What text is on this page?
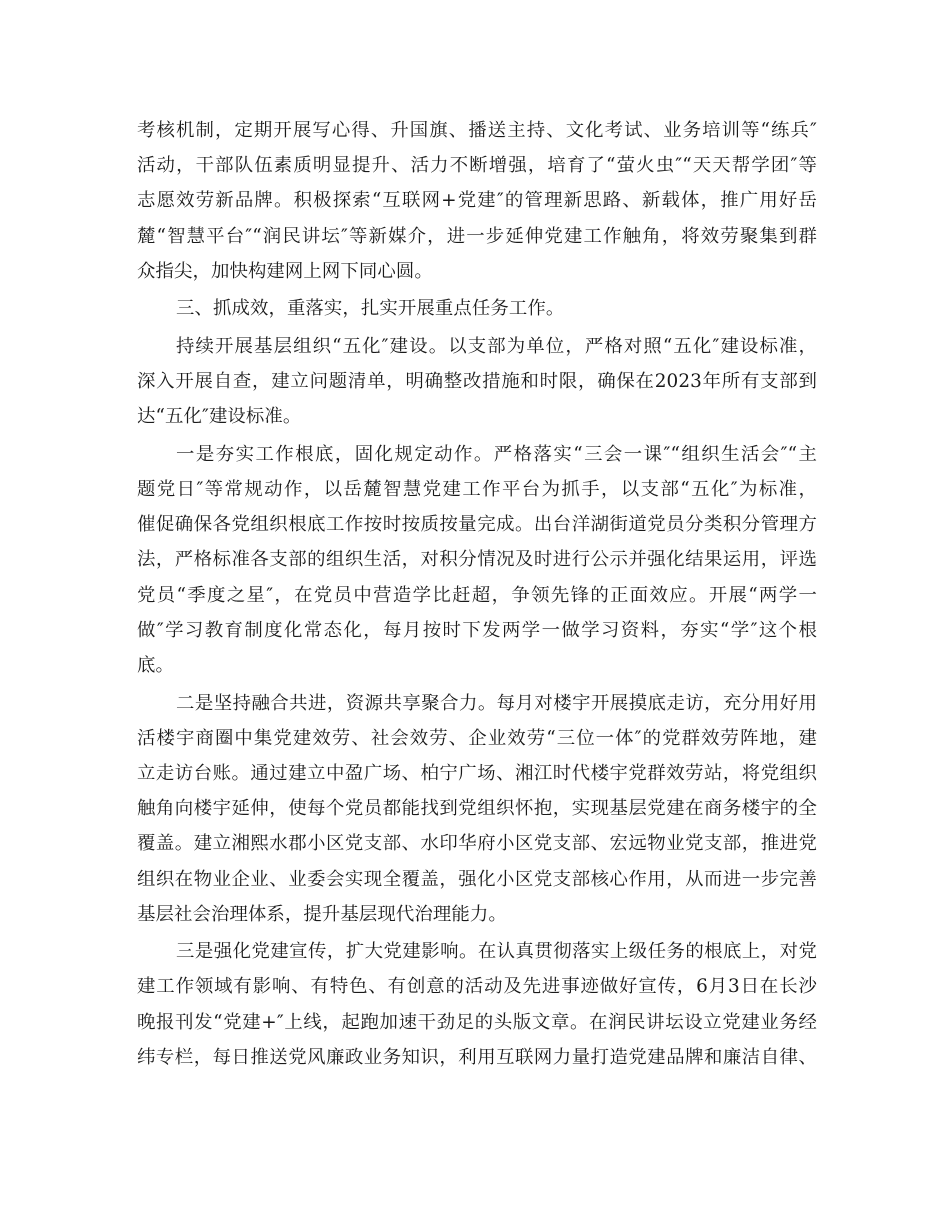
考核机制，定期开展写心得、升国旗、播送主持、文化考试、业务培训等“练兵″
活动，干部队伍素质明显提升、活力不断增强，培育了“萤火虫″“天天帮学团″等
志愿效劳新品牌。积极探索“互联网+党建″的管理新思路、新载体，推广用好岳
麓“智慧平台″“润民讲坛″等新媒介，进一步延伸党建工作触角，将效劳聚集到群
众指尖，加快构建网上网下同心圆。
三、抓成效，重落实，扎实开展重点任务工作。
持续开展基层组织“五化″建设。以支部为单位，严格对照“五化″建设标准，
深入开展自查，建立问题清单，明确整改措施和时限，确保在2023年所有支部到
达“五化″建设标准。
一是夯实工作根底，固化规定动作。严格落实“三会一课″“组织生活会″“主
题党日″等常规动作，以岳麓智慧党建工作平台为抓手，以支部“五化″为标准，
催促确保各党组织根底工作按时按质按量完成。出台洋湖街道党员分类积分管理方
法，严格标准各支部的组织生活，对积分情况及时进行公示并强化结果运用，评选
党员“季度之星″，在党员中营造学比赶超，争领先锋的正面效应。开展“两学一
做″学习教育制度化常态化，每月按时下发两学一做学习资料，夯实“学″这个根
底。
二是坚持融合共进，资源共享聚合力。每月对楼宇开展摸底走访，充分用好用
活楼宇商圈中集党建效劳、社会效劳、企业效劳“三位一体″的党群效劳阵地，建
立走访台账。通过建立中盈广场、柏宁广场、湘江时代楼宇党群效劳站，将党组织
触角向楼宇延伸，使每个党员都能找到党组织怀抱，实现基层党建在商务楼宇的全
覆盖。建立湘熙水郡小区党支部、水印华府小区党支部、宏远物业党支部，推进党
组织在物业企业、业委会实现全覆盖，强化小区党支部核心作用，从而进一步完善
基层社会治理体系，提升基层现代治理能力。
三是强化党建宣传，扩大党建影响。在认真贯彻落实上级任务的根底上，对党
建工作领域有影响、有特色、有创意的活动及先进事迹做好宣传，6月3日在长沙
晚报刊发“党建+″上线，起跑加速干劲足的头版文章。在润民讲坛设立党建业务经
纬专栏，每日推送党风廉政业务知识，利用互联网力量打造党建品牌和廉洁自律、
